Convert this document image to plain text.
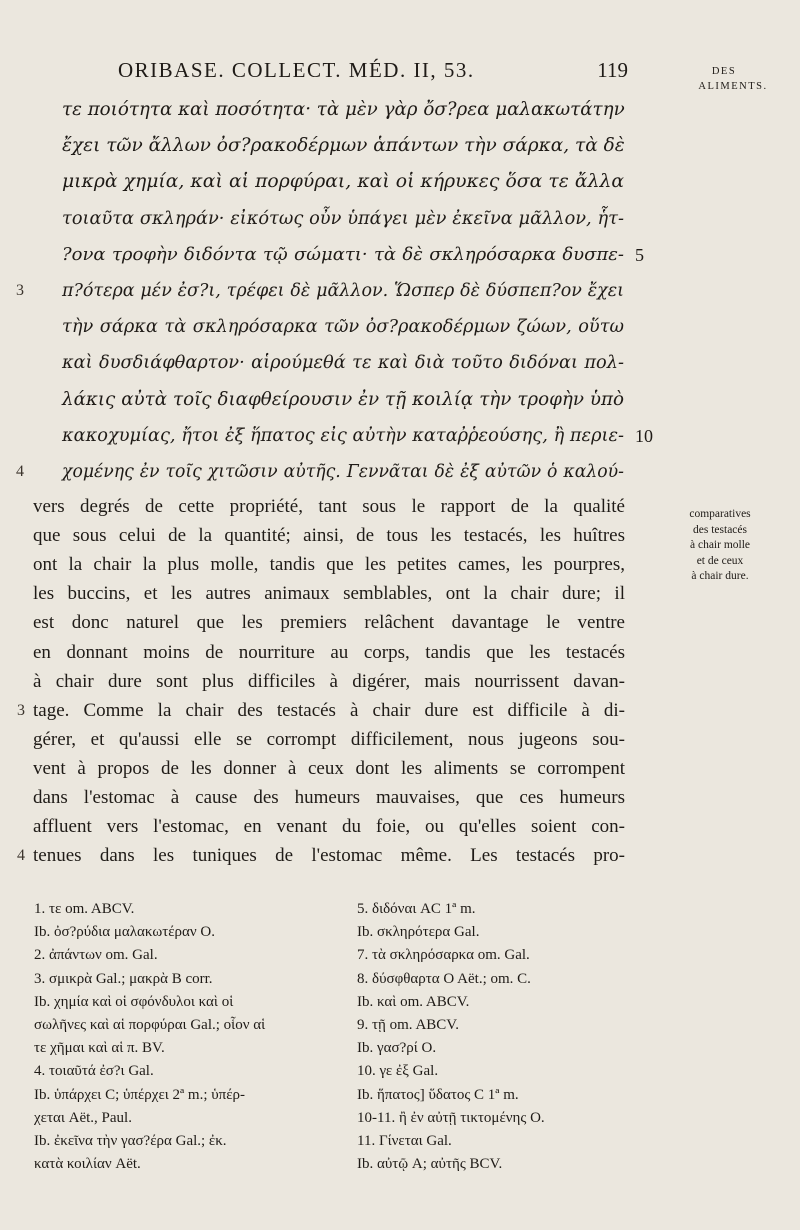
ORIBASE. COLLECT. MÉD. II, 53.	119	DES
ALIMENTS.
τε ποιότητα καὶ ποσότητα· τὰ μὲν γὰρ ὄσ?ρεα μαλακωτάτην
ἔχει τῶν ἄλλων ὀσ?ρακοδέρμων ἁπάντων τὴν σάρκα, τὰ δὲ
μικρὰ χημία, καὶ αἱ πορφύραι, καὶ οἱ κήρυκες ὅσα τε ἄλλα
τοιαῦτα σκληράν· εἰκότως οὖν ὑπάγει μὲν ἐκεῖνα μᾶλλον, ἧτ-
?ονα τροφὴν διδόντα τῷ σώματι· τὰ δὲ σκληρόσαρκα δυσπε- 5
π?ότερα μέν ἐσ?ι, τρέφει δὲ μᾶλλον. Ὥσπερ δὲ δύσπεπ?ον ἔχει
3
τὴν σάρκα τὰ σκληρόσαρκα τῶν ὀσ?ρακοδέρμων ζώων, οὕτω
καὶ δυσδιάφθαρτον· αἱρούμεθά τε καὶ διὰ τοῦτο διδόναι πολ-
λάκις αὐτὰ τοῖς διαφθείρουσιν ἐν τῇ κοιλίᾳ τὴν τροφὴν ὑπὸ
κακοχυμίας, ἤτοι ἐξ ἥπατος εἰς αὐτὴν καταῤῥεούσης, ἢ περιε- 10
χομένης ἐν τοῖς χιτῶσιν αὐτῆς. Γεννᾶται δὲ ἐξ αὐτῶν ὁ καλού-
4
comparatives
des testacés
à chair molle
et de ceux
à chair dure.
vers degrés de cette propriété, tant sous le rapport de la qualité
que sous celui de la quantité; ainsi, de tous les testacés, les huîtres
ont la chair la plus molle, tandis que les petites cames, les pourpres,
les buccins, et les autres animaux semblables, ont la chair dure; il
est donc naturel que les premiers relâchent davantage le ventre
en donnant moins de nourriture au corps, tandis que les testacés
à chair dure sont plus difficiles à digérer, mais nourrissent davan-
3 tage. Comme la chair des testacés à chair dure est difficile à di-
gérer, et qu'aussi elle se corrompt difficilement, nous jugeons sou-
vent à propos de les donner à ceux dont les aliments se corrompent
dans l'estomac à cause des humeurs mauvaises, que ces humeurs
affluent vers l'estomac, en venant du foie, ou qu'elles soient con-
4 tenues dans les tuniques de l'estomac même. Les testacés pro-
1. τε om. ABCV.
Ib. ὀσ?ρύδια μαλακωτέραν O.
2. ἀπάντων om. Gal.
3. σμικρὰ Gal.; μακρὰ B corr.
Ib. χημία καὶ οἱ σφόνδυλοι καὶ οἱ
σωλῆνες καὶ αἱ πορφύραι Gal.; οἷον αἱ
τε χῆμαι καὶ αἱ π. BV.
4. τοιαῦτά ἐσ?ι Gal.
Ib. ὑπάρχει C; ὑπέρχει 2ª m.; ὑπέρ-
χεται Aët., Paul.
Ib. ἐκεῖνα τὴν γασ?έρα Gal.; ἐκ.
κατὰ κοιλίαν Aët.
5. διδόναι AC 1ª m.
Ib. σκληρότερα Gal.
7. τὰ σκληρόσαρκα om. Gal.
8. δύσφθαρτα O Aët.; om. C.
Ib. καὶ om. ABCV.
9. τῇ om. ABCV.
Ib. γασ?ρί O.
10. γε ἐξ Gal.
Ib. ἥπατος] ὕδατος C 1ª m.
10-11. ἢ ἐν αὐτῇ τικτομένης O.
11. Γίνεται Gal.
Ib. αὐτῷ A; αὐτῆς BCV.
